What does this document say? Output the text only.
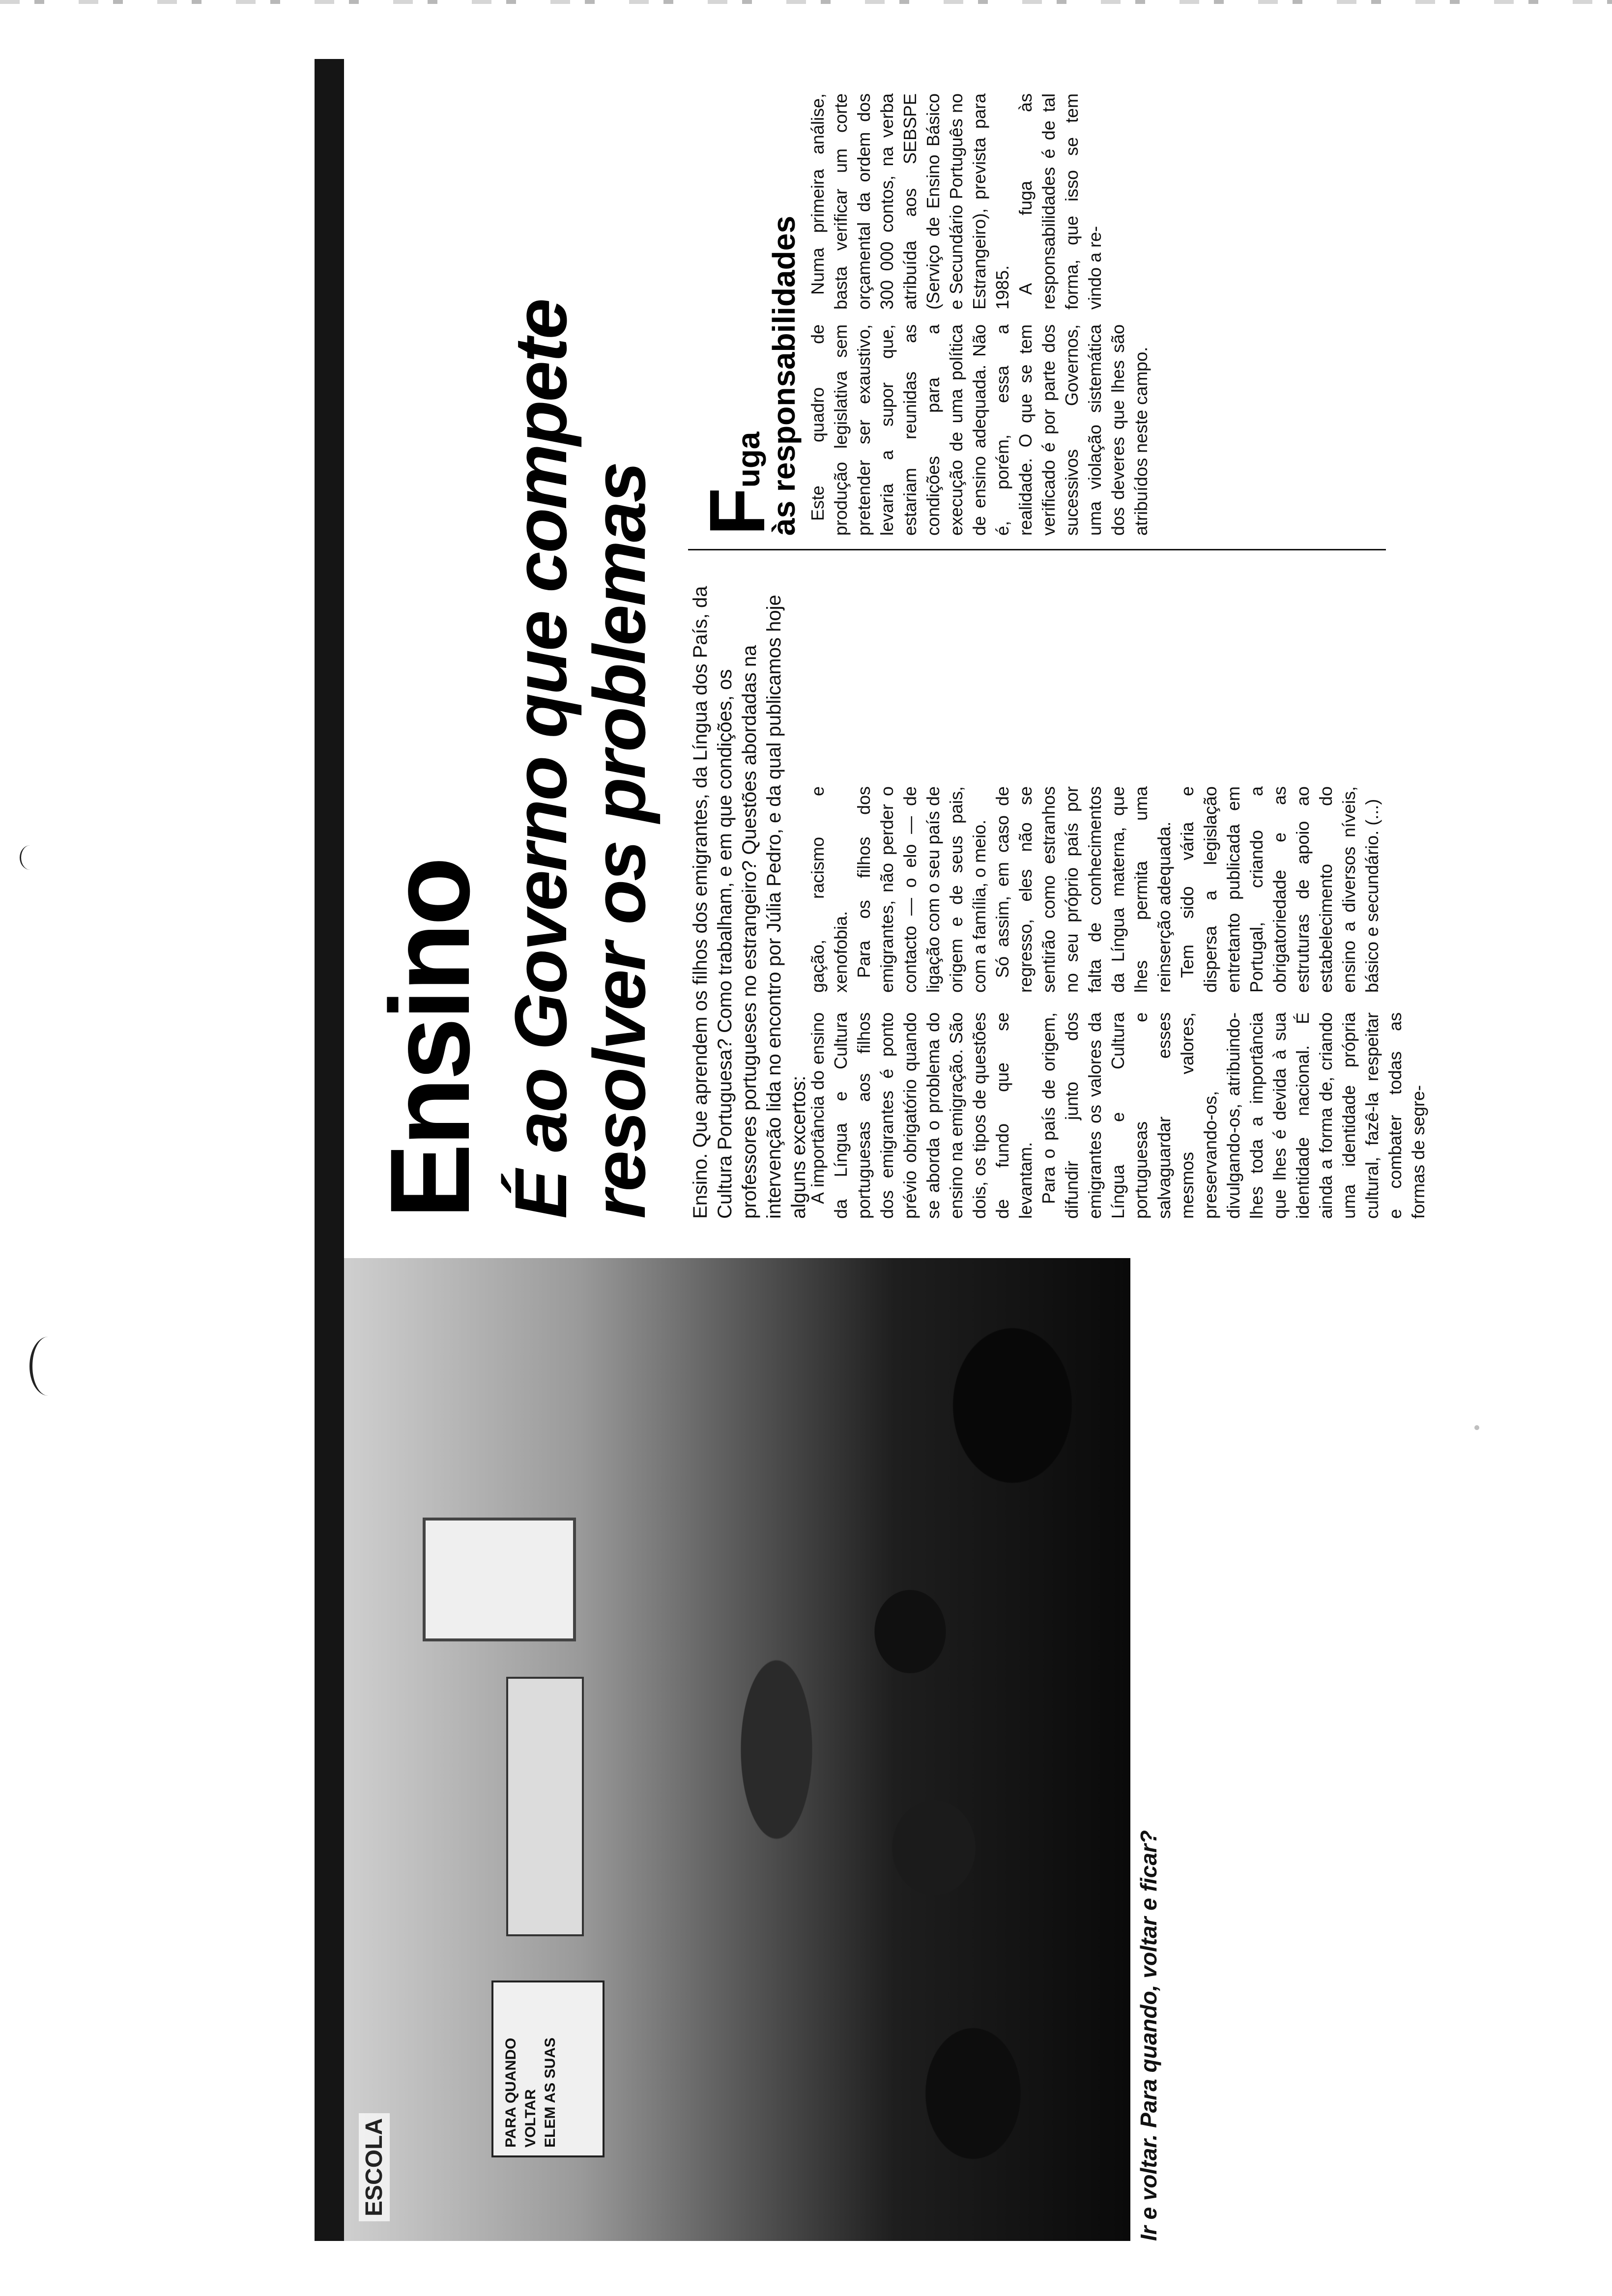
ESCOLA	PARA QUANDO
VOLTAR
ELEM AS SUAS	Ir e voltar. Para quando, voltar e ficar?
Ensino É ao Governo que compete resolver os problemas Ensino. Que aprendem os filhos dos emigrantes, da Língua dos País, da Cultura Portuguesa? Como trabalham, e em que condições, os professores portugueses no estrangeiro? Questões abordadas na intervenção lida no encontro por Júlia Pedro, e da qual publicamos hoje alguns excertos:

A importância do ensino da Língua e Cultura portuguesas aos filhos dos emigrantes é ponto prévio obrigatório quando se aborda o problema do ensino na emigração. São dois, os tipos de questões de fundo que se levantam. Para o país de origem, difundir junto dos emigrantes os valores da Língua e Cultura portuguesas e salvaguardar esses mesmos valores, preservando-os, divulgando-os, atribuindo-lhes toda a importância que lhes é devida à sua identidade nacional. É ainda a forma de, criando uma identidade própria cultural, fazê-la respeitar e combater todas as formas de segre-

gação, racismo e xenofobia. Para os filhos dos emigrantes, não perder o contacto — o elo — de ligação com o seu país de origem e de seus pais, com a família, o meio. Só assim, em caso de regresso, eles não se sentirão como estranhos no seu próprio país por falta de conhecimentos da Língua materna, que lhes permita uma reinserção adequada. Tem sido vária e dispersa a legislação entretanto publicada em Portugal, criando a obrigatoriedade e as estruturas de apoio ao estabelecimento do ensino a diversos níveis, básico e secundário. (...)

Fuga às responsabilidades Este quadro de produção legislativa sem pretender ser exaustivo, levaria a supor que, estariam reunidas as condições para a execução de uma política de ensino adequada. Não é, porém, essa a realidade. O que se tem verificado é por parte dos sucessivos Governos, uma violação sistemática dos deveres que lhes são atribuídos neste campo.

Numa primeira análise, basta verificar um corte orçamental da ordem dos 300 000 contos, na verba atribuída aos SEBSPE (Serviço de Ensino Básico e Secundário Português no Estrangeiro), prevista para 1985. A fuga às responsabilidades é de tal forma, que isso se tem vindo a re-
